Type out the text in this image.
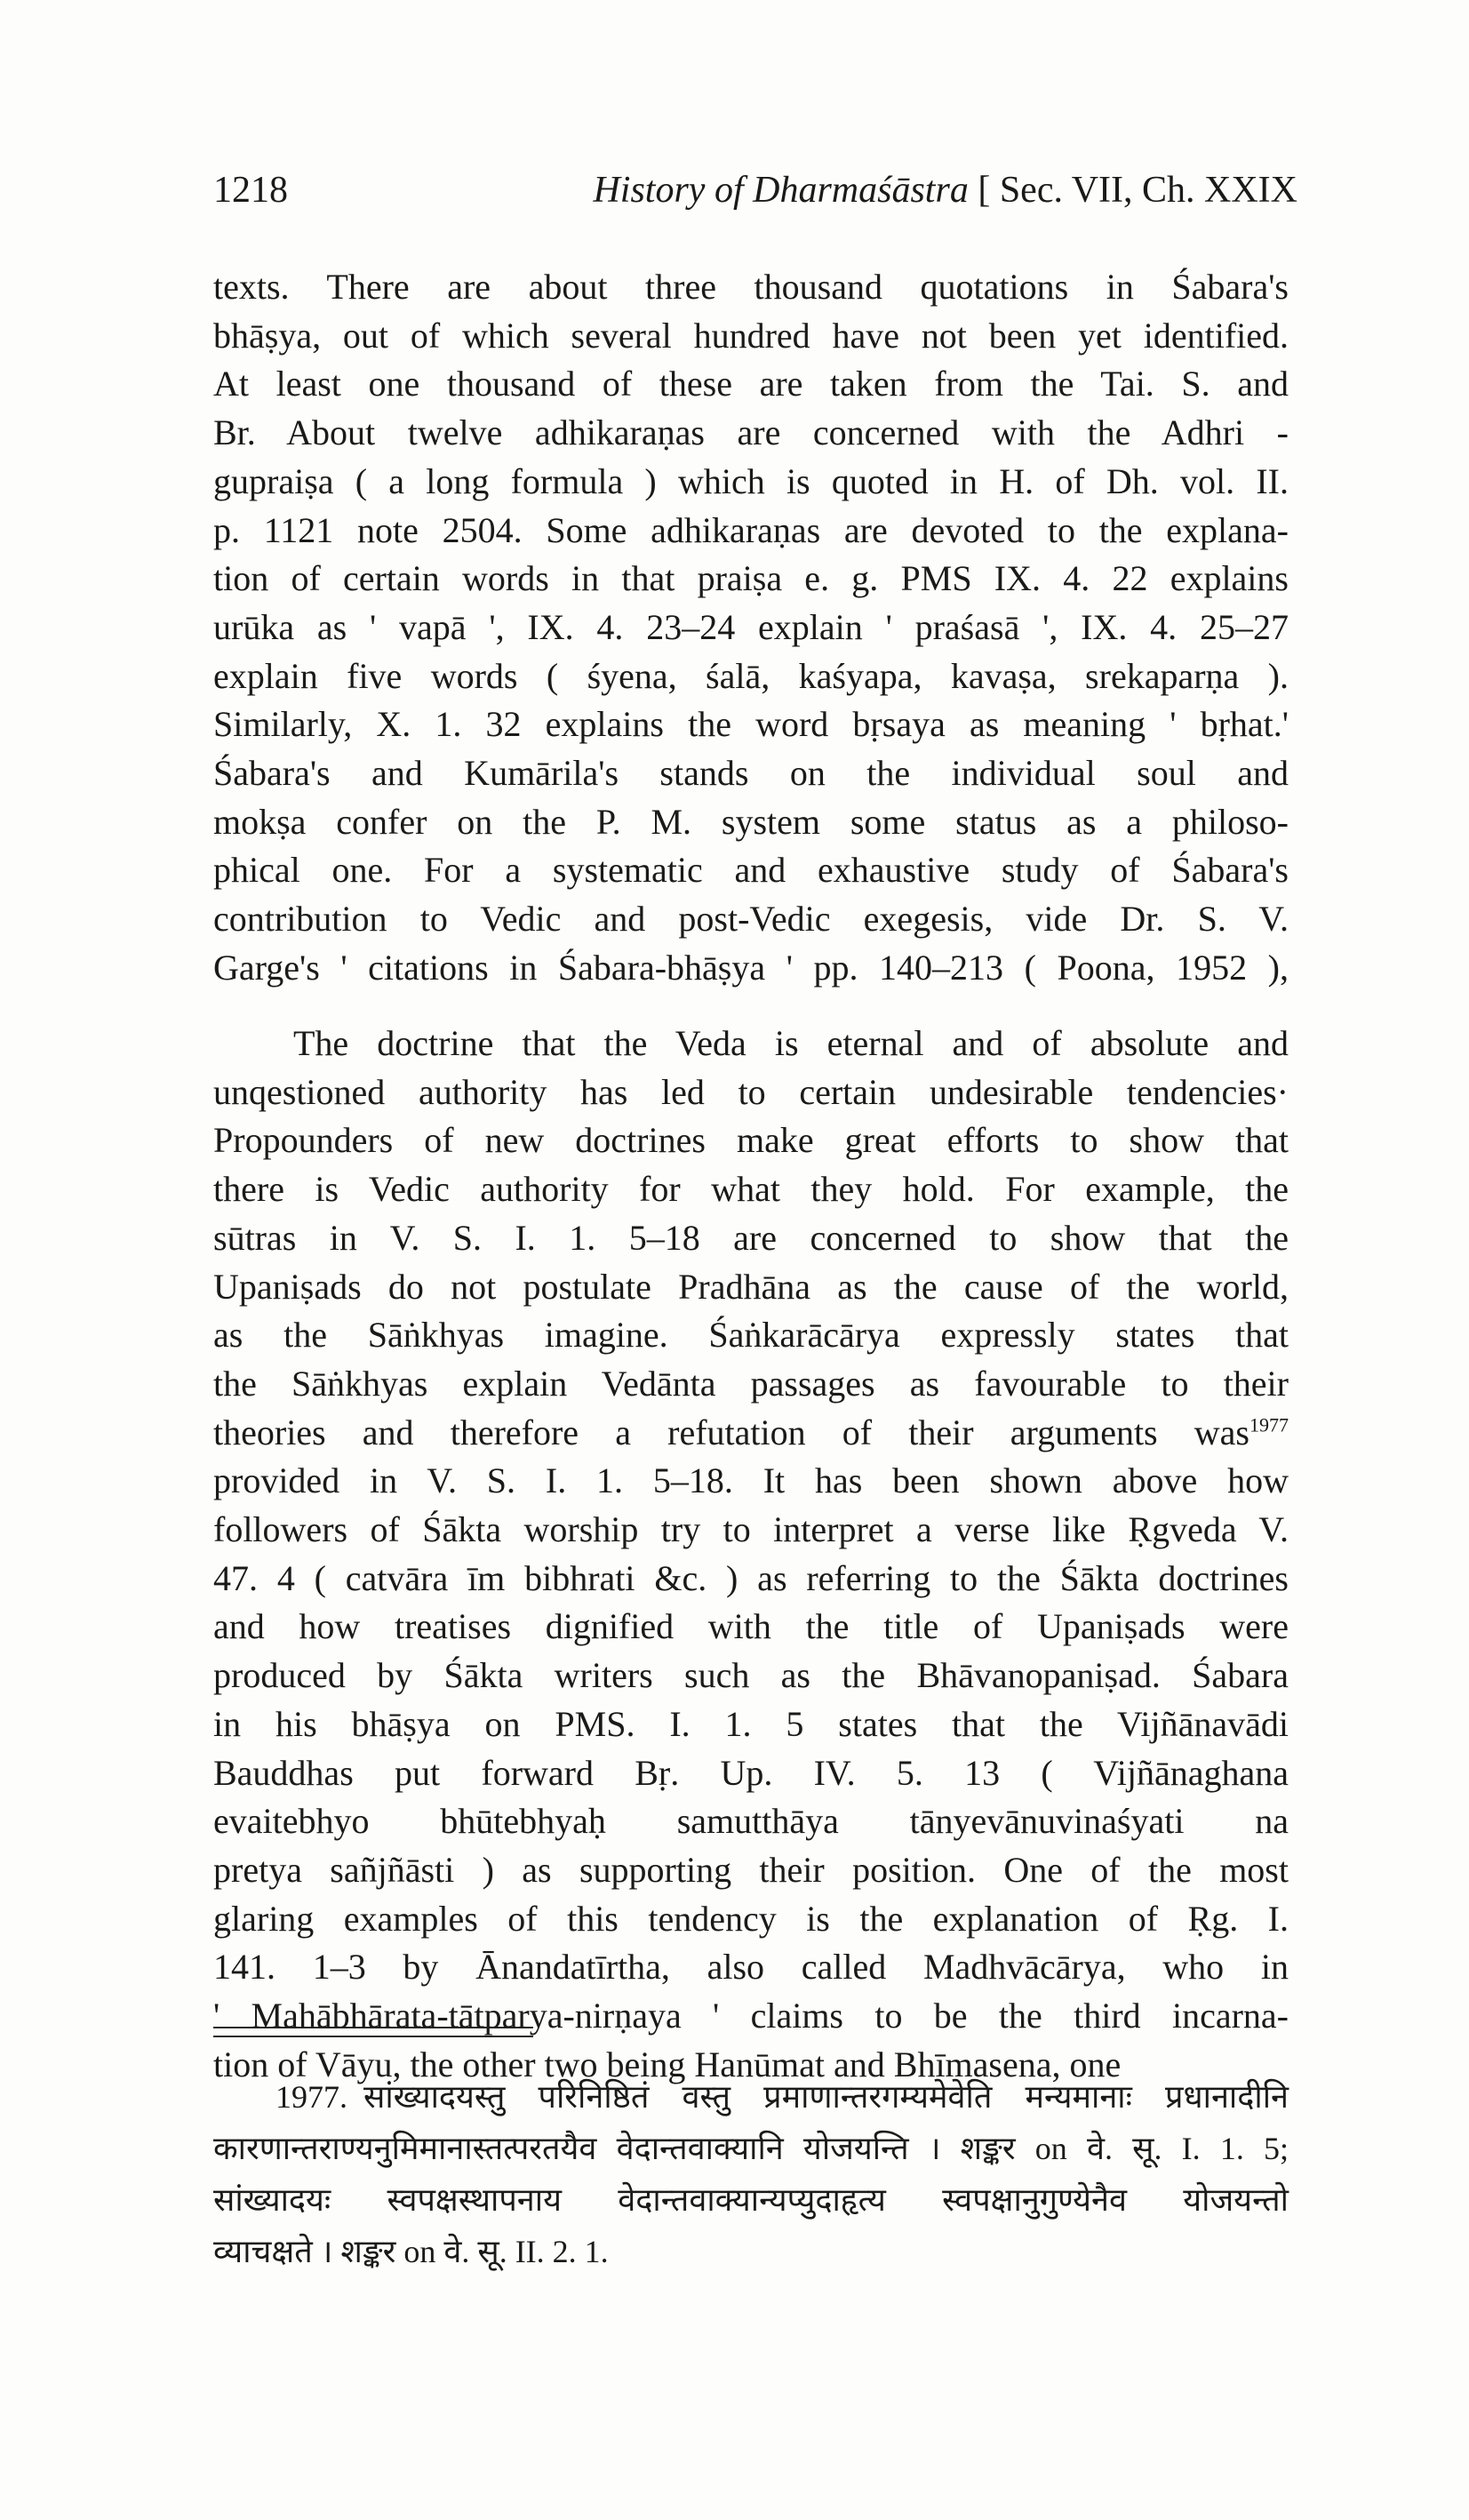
1218	History of Dharmaśāstra [ Sec. VII, Ch. XXIX
texts. There are about three thousand quotations in Śabara's
bhāṣya, out of which several hundred have not been yet identified.
At least one thousand of these are taken from the Tai. S. and
Br. About twelve adhikaraṇas are concerned with the Adhri -
gupraiṣa ( a long formula ) which is quoted in H. of Dh. vol. II.
p. 1121 note 2504. Some adhikaraṇas are devoted to the explana-
tion of certain words in that praiṣa e. g. PMS IX. 4. 22 explains
urūka as ' vapā ', IX. 4. 23–24 explain ' praśasā ', IX. 4. 25–27
explain five words ( śyena, śalā, kaśyapa, kavaṣa, srekaparṇa ).
Similarly, X. 1. 32 explains the word bṛsaya as meaning ' bṛhat.'
Śabara's and Kumārila's stands on the individual soul and
mokṣa confer on the P. M. system some status as a philoso-
phical one. For a systematic and exhaustive study of Śabara's
contribution to Vedic and post-Vedic exegesis, vide Dr. S. V.
Garge's ' citations in Śabara-bhāṣya ' pp. 140–213 ( Poona, 1952 ),
The doctrine that the Veda is eternal and of absolute and
unqestioned authority has led to certain undesirable tendencies·
Propounders of new doctrines make great efforts to show that
there is Vedic authority for what they hold. For example, the
sūtras in V. S. I. 1. 5–18 are concerned to show that the
Upaniṣads do not postulate Pradhāna as the cause of the world,
as the Sāṅkhyas imagine. Śaṅkarācārya expressly states that
the Sāṅkhyas explain Vedānta passages as favourable to their
theories and therefore a refutation of their arguments was$^{1977}$
provided in V. S. I. 1. 5–18. It has been shown above how
followers of Śākta worship try to interpret a verse like Ṛgveda V.
47. 4 ( catvāra īm bibhrati &c. ) as referring to the Śākta doctrines
and how treatises dignified with the title of Upaniṣads were
produced by Śākta writers such as the Bhāvanopaniṣad. Śabara
in his bhāṣya on PMS. I. 1. 5 states that the Vijñānavādi
Bauddhas put forward Bṛ. Up. IV. 5. 13 ( Vijñānaghana
evaitebhyo bhūtebhyaḥ samutthāya tānyevānuvinaśyati na
pretya sañjñāsti ) as supporting their position. One of the most
glaring examples of this tendency is the explanation of Ṛg. I.
141. 1–3 by Ānandatīrtha, also called Madhvācārya, who in
' Mahābhārata-tātparya-nirṇaya ' claims to be the third incarna-
tion of Vāyu, the other two being Hanūmat and Bhīmasena, one
1977. सांख्यादयस्तु परिनिष्ठितं वस्तु प्रमाणान्तरगम्यमेवेति मन्यमानाः प्रधानादीनि
कारणान्तराण्यनुमिमानास्तत्परतयैव वेदान्तवाक्यानि योजयन्ति । शङ्कर on वे. सू. I. 1. 5;
सांख्यादयः स्वपक्षस्थापनाय वेदान्तवाक्यान्यप्युदाहृत्य स्वपक्षानुगुण्येनैव योजयन्तो
व्याचक्षते । शङ्कर on वे. सू. II. 2. 1.
